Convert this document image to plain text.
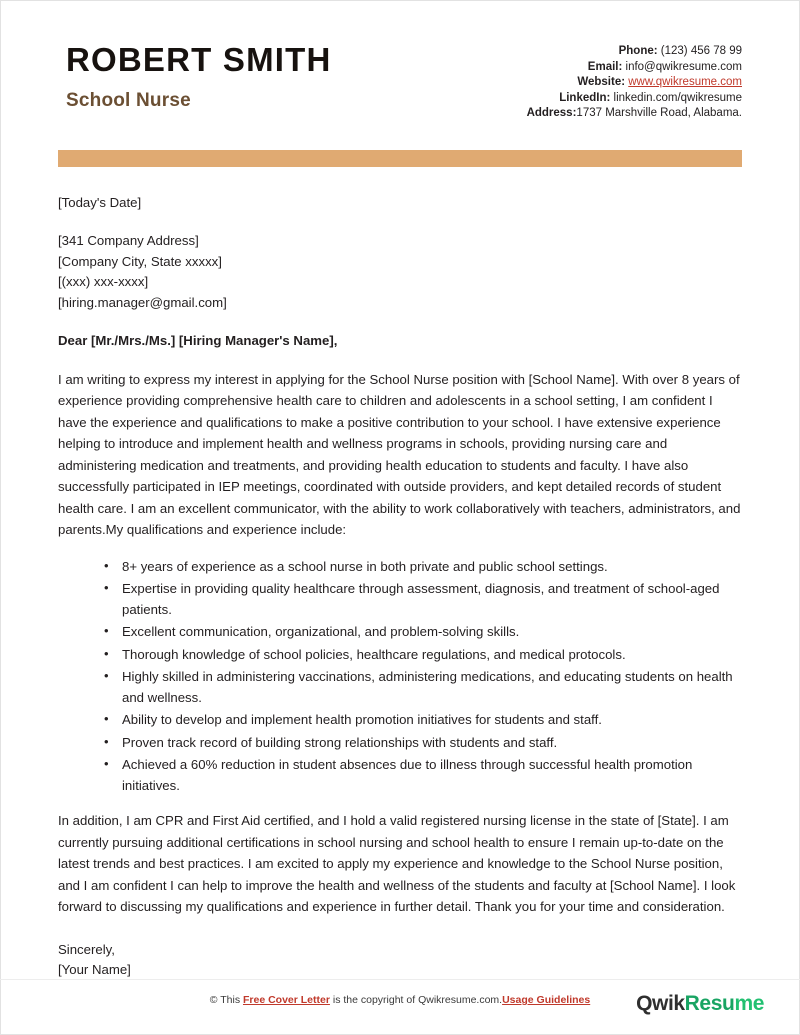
ROBERT SMITH
School Nurse
Phone: (123) 456 78 99
Email: info@qwikresume.com
Website: www.qwikresume.com
LinkedIn: linkedin.com/qwikresume
Address:1737 Marshville Road, Alabama.
[Today's Date]
[341 Company Address]
[Company City, State xxxxx]
[(xxx) xxx-xxxx]
[hiring.manager@gmail.com]
Dear [Mr./Mrs./Ms.] [Hiring Manager's Name],
I am writing to express my interest in applying for the School Nurse position with [School Name]. With over 8 years of experience providing comprehensive health care to children and adolescents in a school setting, I am confident I have the experience and qualifications to make a positive contribution to your school. I have extensive experience helping to introduce and implement health and wellness programs in schools, providing nursing care and administering medication and treatments, and providing health education to students and faculty. I have also successfully participated in IEP meetings, coordinated with outside providers, and kept detailed records of student health care. I am an excellent communicator, with the ability to work collaboratively with teachers, administrators, and parents.My qualifications and experience include:
• 8+ years of experience as a school nurse in both private and public school settings.
• Expertise in providing quality healthcare through assessment, diagnosis, and treatment of school-aged patients.
• Excellent communication, organizational, and problem-solving skills.
• Thorough knowledge of school policies, healthcare regulations, and medical protocols.
• Highly skilled in administering vaccinations, administering medications, and educating students on health and wellness.
• Ability to develop and implement health promotion initiatives for students and staff.
• Proven track record of building strong relationships with students and staff.
• Achieved a 60% reduction in student absences due to illness through successful health promotion initiatives.
In addition, I am CPR and First Aid certified, and I hold a valid registered nursing license in the state of [State]. I am currently pursuing additional certifications in school nursing and school health to ensure I remain up-to-date on the latest trends and best practices. I am excited to apply my experience and knowledge to the School Nurse position, and I am confident I can help to improve the health and wellness of the students and faculty at [School Name]. I look forward to discussing my qualifications and experience in further detail. Thank you for your time and consideration.
Sincerely,
[Your Name]
© This Free Cover Letter is the copyright of Qwikresume.com.Usage Guidelines	QwikResume
